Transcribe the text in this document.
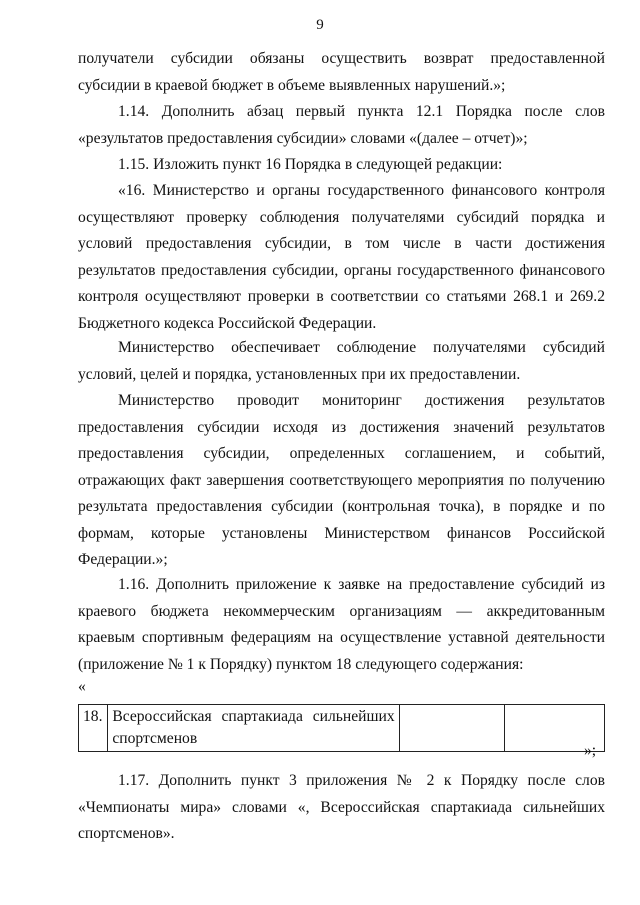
9

получатели субсидии обязаны осуществить возврат предоставленной субсидии в краевой бюджет в объеме выявленных нарушений.»;

1.14. Дополнить абзац первый пункта 12.1 Порядка после слов «результатов предоставления субсидии» словами «(далее – отчет)»;

1.15. Изложить пункт 16 Порядка в следующей редакции:

«16. Министерство и органы государственного финансового контроля осуществляют проверку соблюдения получателями субсидий порядка и условий предоставления субсидии, в том числе в части достижения результатов предоставления субсидии, органы государственного финансового контроля осуществляют проверки в соответствии со статьями 268.1 и 269.2 Бюджетного кодекса Российской Федерации.

Министерство обеспечивает соблюдение получателями субсидий условий, целей и порядка, установленных при их предоставлении.

Министерство проводит мониторинг достижения результатов предоставления субсидии исходя из достижения значений результатов предоставления субсидии, определенных соглашением, и событий, отражающих факт завершения соответствующего мероприятия по получению результата предоставления субсидии (контрольная точка), в порядке и по формам, которые установлены Министерством финансов Российской Федерации.»;

1.16. Дополнить приложение к заявке на предоставление субсидий из краевого бюджета некоммерческим организациям — аккредитованным краевым спортивным федерациям на осуществление уставной деятельности (приложение № 1 к Порядку) пунктом 18 следующего содержания:

«
18.	Всероссийская спартакиада сильнейших спортсменов		
»;

1.17. Дополнить пункт 3 приложения № 2 к Порядку после слов «Чемпионаты мира» словами «, Всероссийская спартакиада сильнейших спортсменов».
